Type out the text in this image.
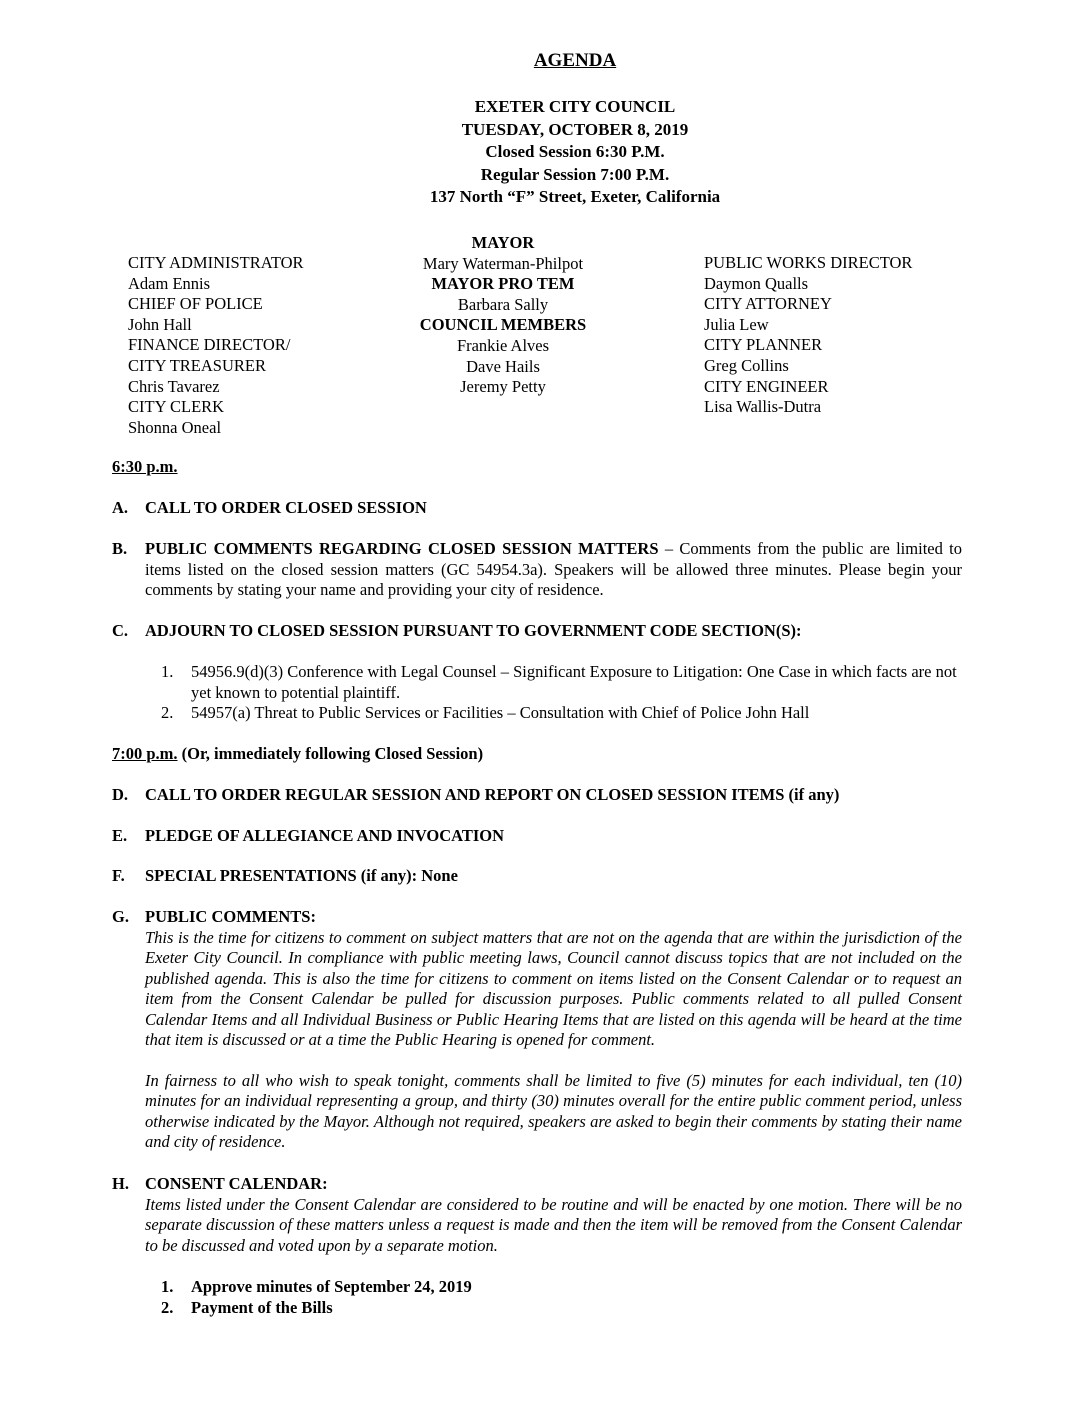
AGENDA
EXETER CITY COUNCIL
TUESDAY, OCTOBER 8, 2019
Closed Session 6:30 P.M.
Regular Session 7:00 P.M.
137 North “F” Street, Exeter, California
CITY ADMINISTRATOR
Adam Ennis
CHIEF OF POLICE
John Hall
FINANCE DIRECTOR/
CITY TREASURER
Chris Tavarez
CITY CLERK
Shonna Oneal
MAYOR
Mary Waterman-Philpot
MAYOR PRO TEM
Barbara Sally
COUNCIL MEMBERS
Frankie Alves
Dave Hails
Jeremy Petty
PUBLIC WORKS DIRECTOR
Daymon Qualls
CITY ATTORNEY
Julia Lew
CITY PLANNER
Greg Collins
CITY ENGINEER
Lisa Wallis-Dutra
6:30 p.m.
A. CALL TO ORDER CLOSED SESSION
B. PUBLIC COMMENTS REGARDING CLOSED SESSION MATTERS – Comments from the public are limited to items listed on the closed session matters (GC 54954.3a). Speakers will be allowed three minutes. Please begin your comments by stating your name and providing your city of residence.
C. ADJOURN TO CLOSED SESSION PURSUANT TO GOVERNMENT CODE SECTION(S):
1. 54956.9(d)(3) Conference with Legal Counsel – Significant Exposure to Litigation: One Case in which facts are not yet known to potential plaintiff.
2. 54957(a) Threat to Public Services or Facilities – Consultation with Chief of Police John Hall
7:00 p.m. (Or, immediately following Closed Session)
D. CALL TO ORDER REGULAR SESSION AND REPORT ON CLOSED SESSION ITEMS (if any)
E. PLEDGE OF ALLEGIANCE AND INVOCATION
F. SPECIAL PRESENTATIONS (if any): None
G. PUBLIC COMMENTS:
This is the time for citizens to comment on subject matters that are not on the agenda that are within the jurisdiction of the Exeter City Council. In compliance with public meeting laws, Council cannot discuss topics that are not included on the published agenda. This is also the time for citizens to comment on items listed on the Consent Calendar or to request an item from the Consent Calendar be pulled for discussion purposes. Public comments related to all pulled Consent Calendar Items and all Individual Business or Public Hearing Items that are listed on this agenda will be heard at the time that item is discussed or at a time the Public Hearing is opened for comment.
In fairness to all who wish to speak tonight, comments shall be limited to five (5) minutes for each individual, ten (10) minutes for an individual representing a group, and thirty (30) minutes overall for the entire public comment period, unless otherwise indicated by the Mayor. Although not required, speakers are asked to begin their comments by stating their name and city of residence.
H. CONSENT CALENDAR:
Items listed under the Consent Calendar are considered to be routine and will be enacted by one motion. There will be no separate discussion of these matters unless a request is made and then the item will be removed from the Consent Calendar to be discussed and voted upon by a separate motion.
1. Approve minutes of September 24, 2019
2. Payment of the Bills
